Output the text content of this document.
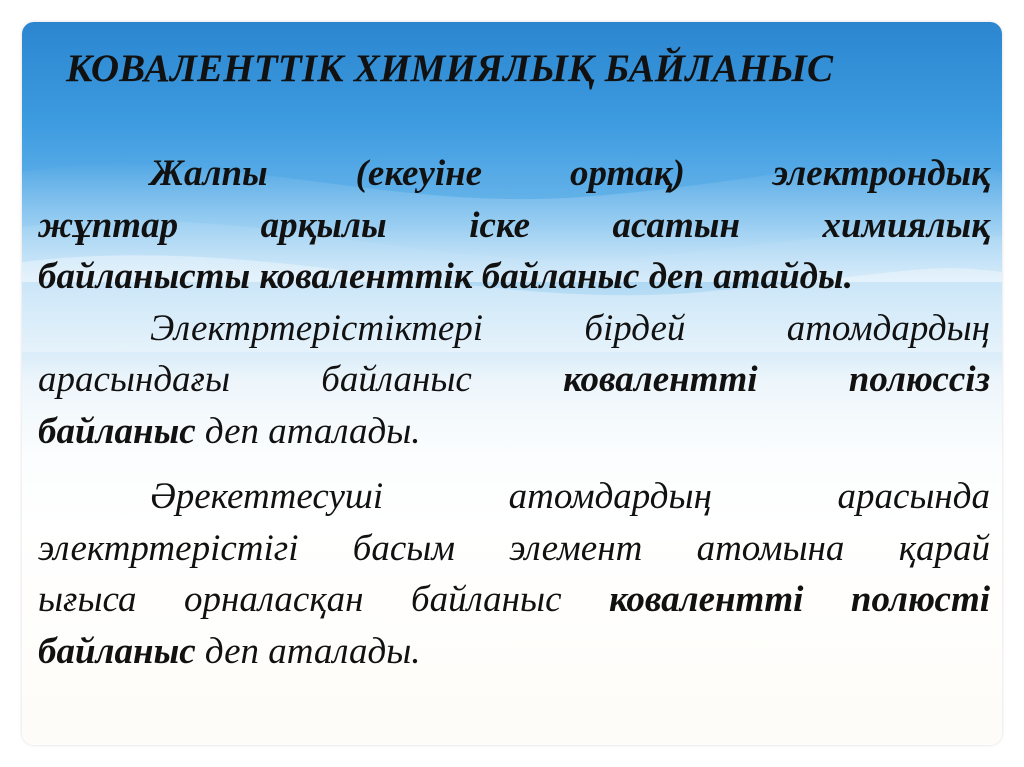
КОВАЛЕНТТІК ХИМИЯЛЫҚ БАЙЛАНЫС
Жалпы (екеуіне ортақ) электрондық
жұптар арқылы іске асатын химиялық
байланысты коваленттік байланыс деп атайды.
Электртерістіктері бірдей атомдардың
арасындағы байланыс ковалентті полюссіз
байланыс деп аталады.
Әрекеттесуші атомдардың арасында
электртерістігі басым элемент атомына қарай
ығыса орналасқан байланыс ковалентті полюсті
байланыс деп аталады.
